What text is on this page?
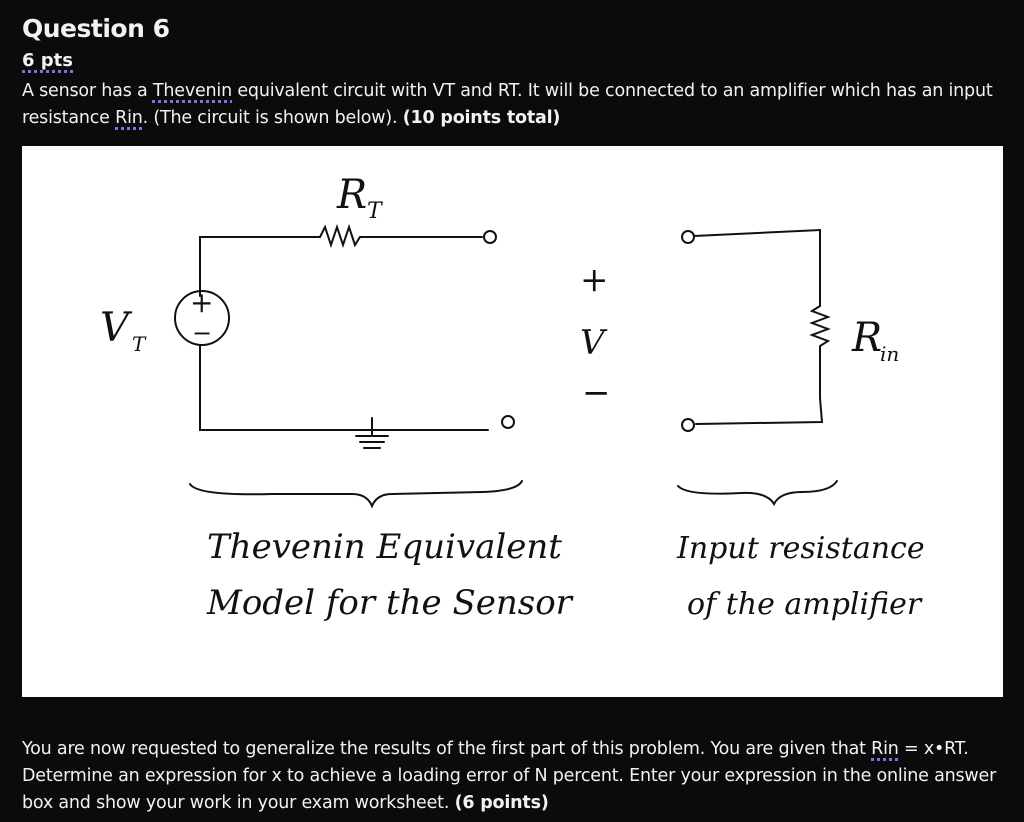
Question 6
6 pts
A sensor has a Thevenin equivalent circuit with VT and RT. It will be connected to an amplifier which has an input resistance Rin. (The circuit is shown below). (10 points total)
R T
+
−
V T
+
V
−
R
in
Thevenin Equivalent
Model for the Sensor
Input resistance
of the amplifier
You are now requested to generalize the results of the first part of this problem. You are given that Rin = x•RT. Determine an expression for x to achieve a loading error of N percent. Enter your expression in the online answer box and show your work in your exam worksheet. (6 points)
